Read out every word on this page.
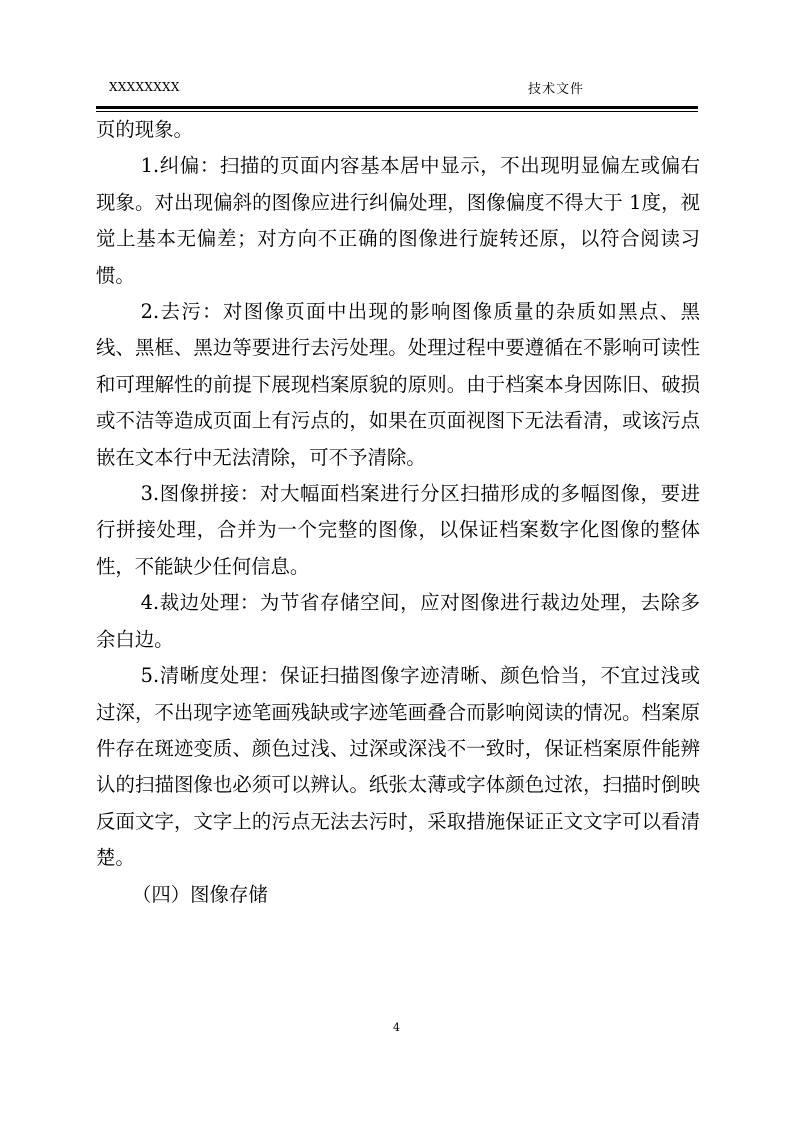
XXXXXXXX	技术文件

页的现象。

1.纠偏：扫描的页面内容基本居中显示，不出现明显偏左或偏右现象。对出现偏斜的图像应进行纠偏处理，图像偏度不得大于 1度，视觉上基本无偏差；对方向不正确的图像进行旋转还原，以符合阅读习惯。

2.去污：对图像页面中出现的影响图像质量的杂质如黑点、黑线、黑框、黑边等要进行去污处理。处理过程中要遵循在不影响可读性和可理解性的前提下展现档案原貌的原则。由于档案本身因陈旧、破损或不洁等造成页面上有污点的，如果在页面视图下无法看清，或该污点嵌在文本行中无法清除，可不予清除。

3.图像拼接：对大幅面档案进行分区扫描形成的多幅图像，要进行拼接处理，合并为一个完整的图像，以保证档案数字化图像的整体性，不能缺少任何信息。

4.裁边处理：为节省存储空间，应对图像进行裁边处理，去除多余白边。

5.清晰度处理：保证扫描图像字迹清晰、颜色恰当，不宜过浅或过深，不出现字迹笔画残缺或字迹笔画叠合而影响阅读的情况。档案原件存在斑迹变质、颜色过浅、过深或深浅不一致时，保证档案原件能辨认的扫描图像也必须可以辨认。纸张太薄或字体颜色过浓，扫描时倒映反面文字，文字上的污点无法去污时，采取措施保证正文文字可以看清楚。

（四）图像存储

4
